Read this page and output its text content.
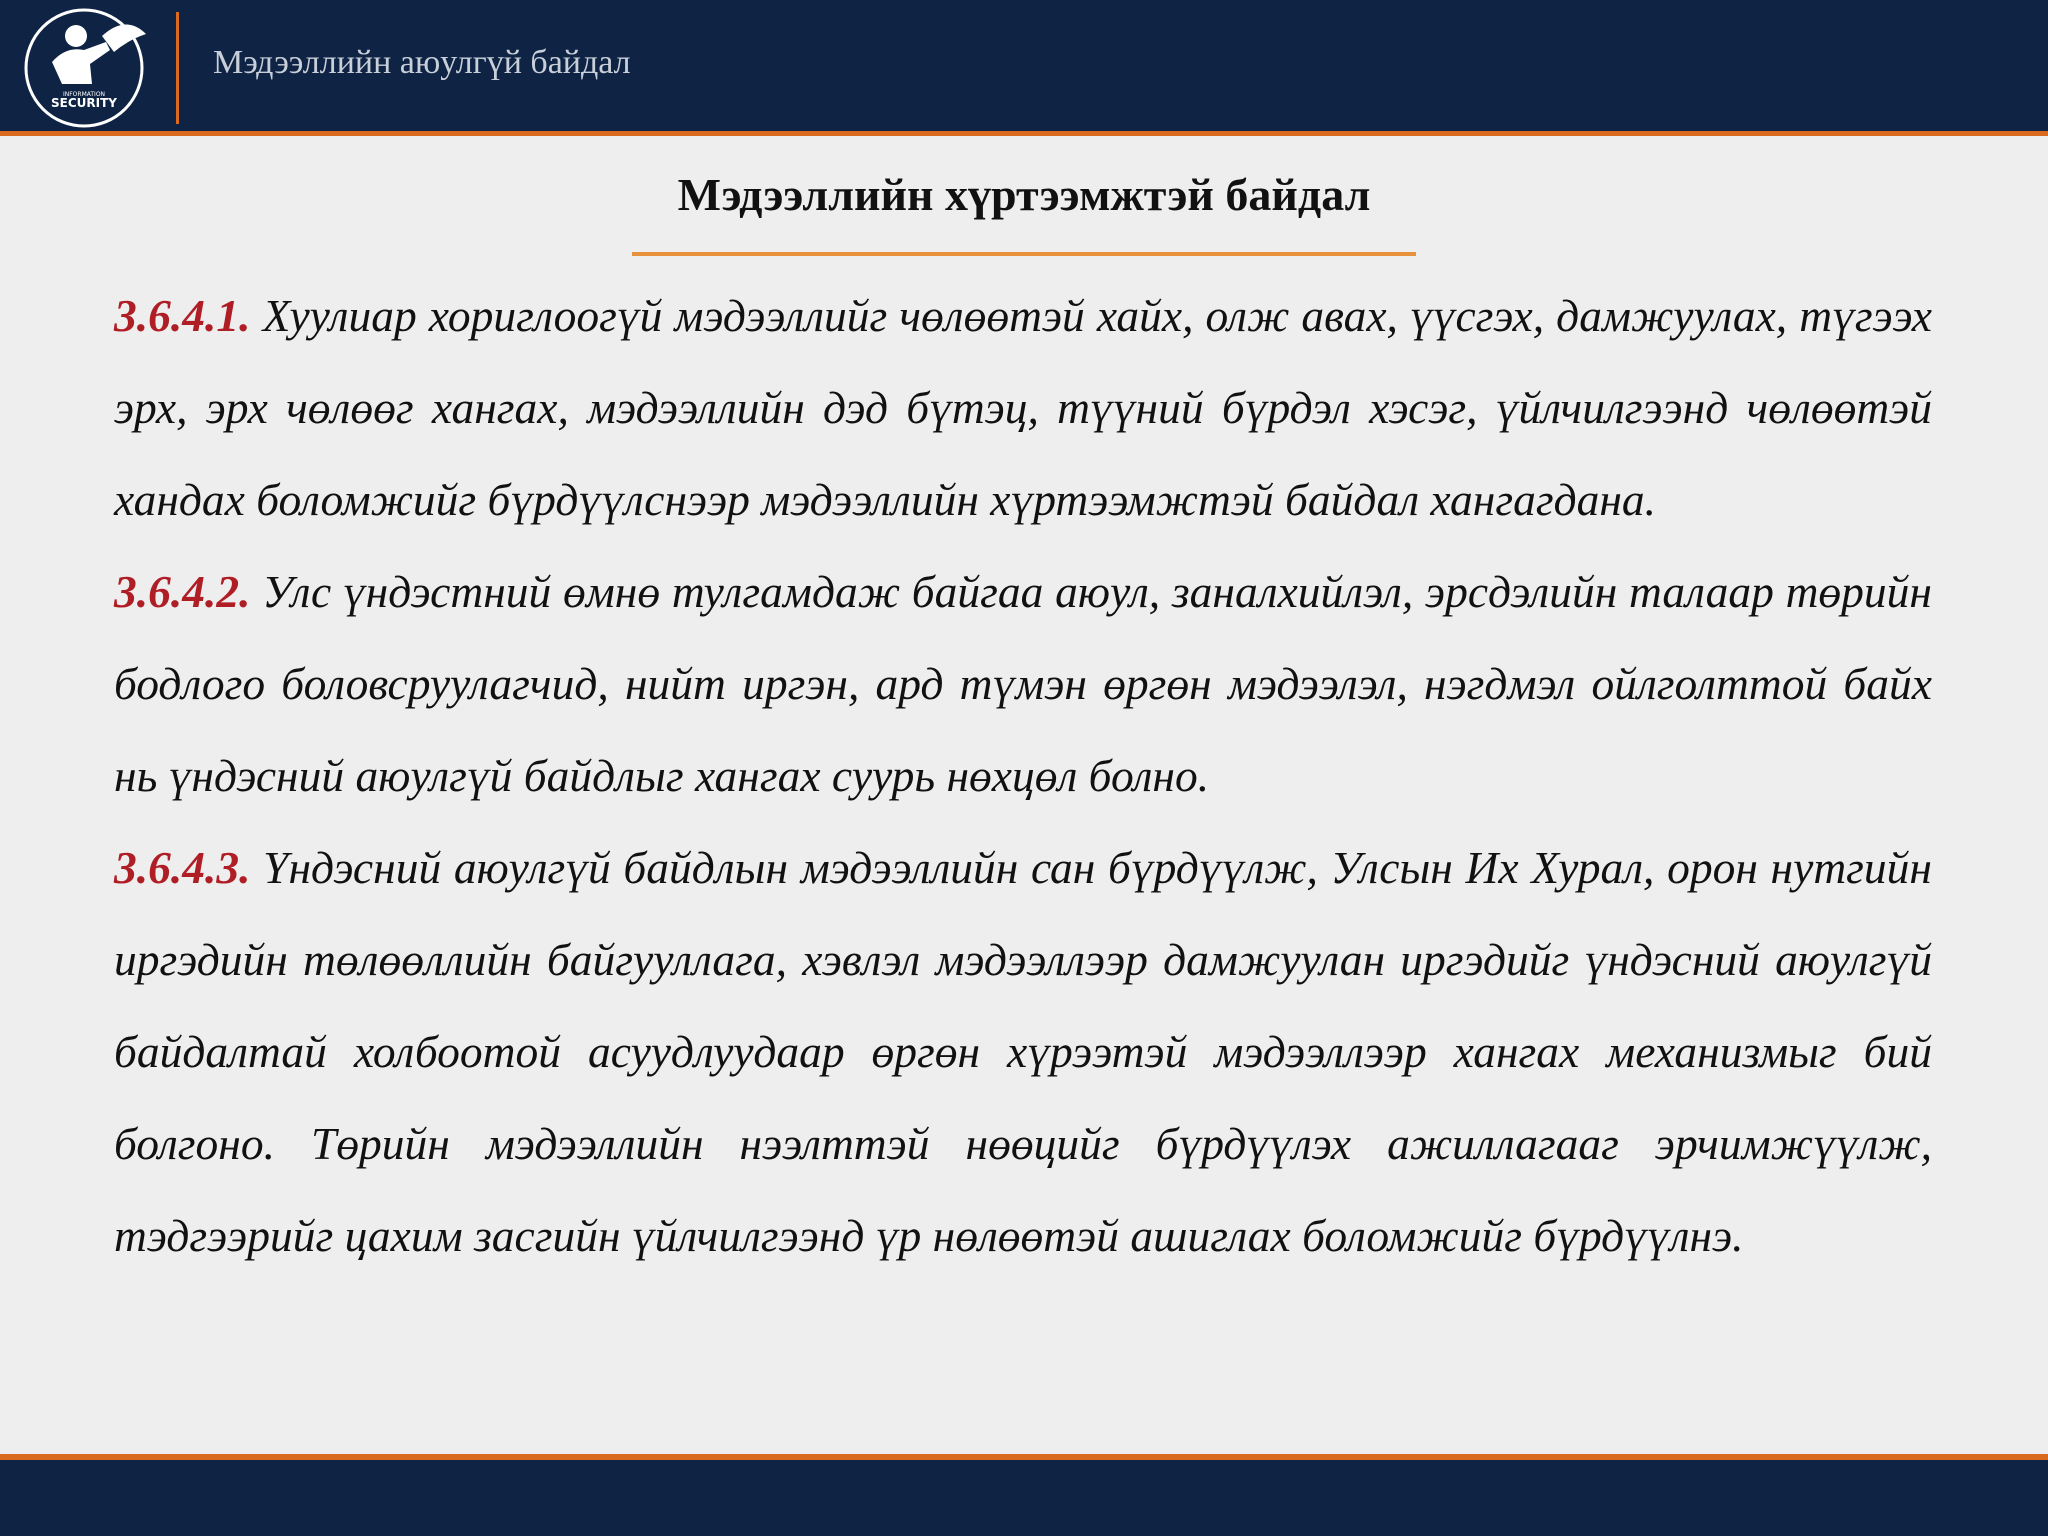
INFORMATION
SECURITY
Мэдээллийн аюулгүй байдал
Мэдээллийн хүртээмжтэй байдал

3.6.4.1. Хуулиар хориглоогүй мэдээллийг чөлөөтэй хайх, олж авах, үүсгэх, дамжуулах, түгээх эрх, эрх чөлөөг хангах, мэдээллийн дэд бүтэц, түүний бүрдэл хэсэг, үйлчилгээнд чөлөөтэй хандах боломжийг бүрдүүлснээр мэдээллийн хүртээмжтэй байдал хангагдана.

3.6.4.2. Улс үндэстний өмнө тулгамдаж байгаа аюул, заналхийлэл, эрсдэлийн талаар төрийн бодлого боловсруулагчид, нийт иргэн, ард түмэн өргөн мэдээлэл, нэгдмэл ойлголттой байх нь үндэсний аюулгүй байдлыг хангах суурь нөхцөл болно.

3.6.4.3. Үндэсний аюулгүй байдлын мэдээллийн сан бүрдүүлж, Улсын Их Хурал, орон нутгийн иргэдийн төлөөллийн байгууллага, хэвлэл мэдээллээр дамжуулан иргэдийг үндэсний аюулгүй байдалтай холбоотой асуудлуудаар өргөн хүрээтэй мэдээллээр хангах механизмыг бий болгоно. Төрийн мэдээллийн нээлттэй нөөцийг бүрдүүлэх ажиллагааг эрчимжүүлж, тэдгээрийг цахим засгийн үйлчилгээнд үр нөлөөтэй ашиглах боломжийг бүрдүүлнэ.
